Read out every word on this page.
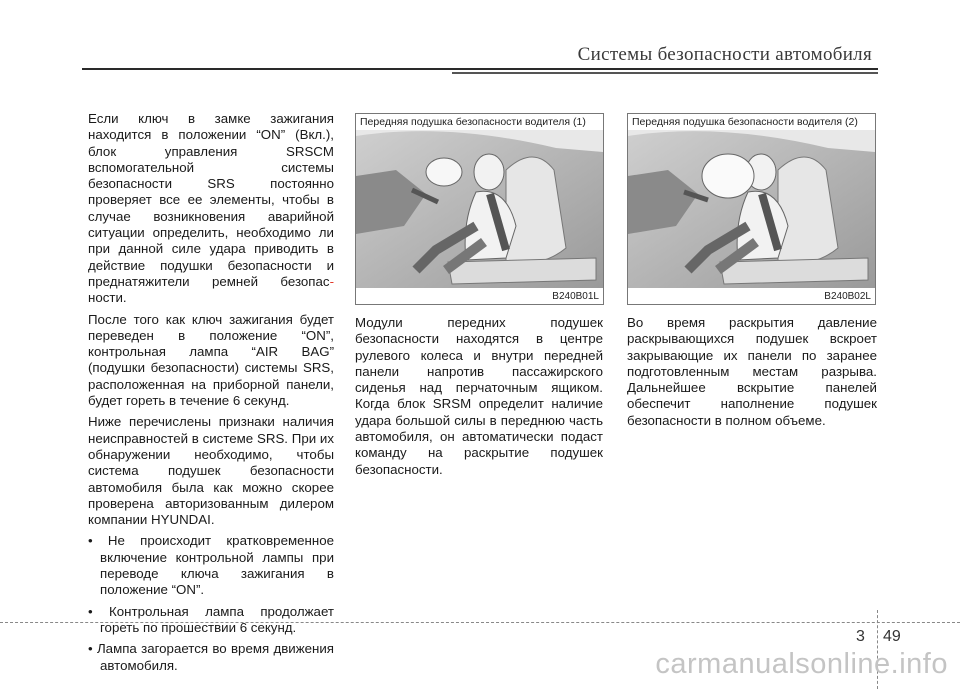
Системы безопасности автомобиля

Если ключ в замке зажигания находится в положении “ON” (Вкл.), блок управления SRSCM вспомогательной системы безопасности SRS постоянно проверяет все ее элементы, чтобы в случае возникновения аварийной ситуации определить, необходимо ли при данной силе удара приводить в действие подушки безопасности и преднатяжители ремней безопас-ности.

После того как ключ зажигания будет переведен в положение “ON”, контрольная лампа “AIR BAG” (подушки безопасности) системы SRS, расположенная на приборной панели, будет гореть в течение 6 секунд.

Ниже перечислены признаки наличия неисправностей в системе SRS. При их обнаружении необходимо, чтобы система подушек безопасности автомобиля была как можно скорее проверена авторизованным дилером компании HYUNDAI.

• Не происходит кратковременное включение контрольной лампы при переводе ключа зажигания в положение “ON”.

• Контрольная лампа продолжает гореть по прошествии 6 секунд.

• Лампа загорается во время движения автомобиля.

Передняя подушка безопасности водителя (1)
B240B01L
Передняя подушка безопасности водителя (2)
B240B02L

Модули передних подушек безопасности находятся в центре рулевого колеса и внутри передней панели напротив пассажирского сиденья над перчаточным ящиком. Когда блок SRSM определит наличие удара большой силы в переднюю часть автомобиля, он автоматически подаст команду на раскрытие подушек безопасности.

Во время раскрытия давление раскрывающихся подушек вскроет закрывающие их панели по заранее подготовленным местам разрыва. Дальнейшее вскрытие панелей обеспечит наполнение подушек безопасности в полном объеме.

3 49
carmanualsonline.info
